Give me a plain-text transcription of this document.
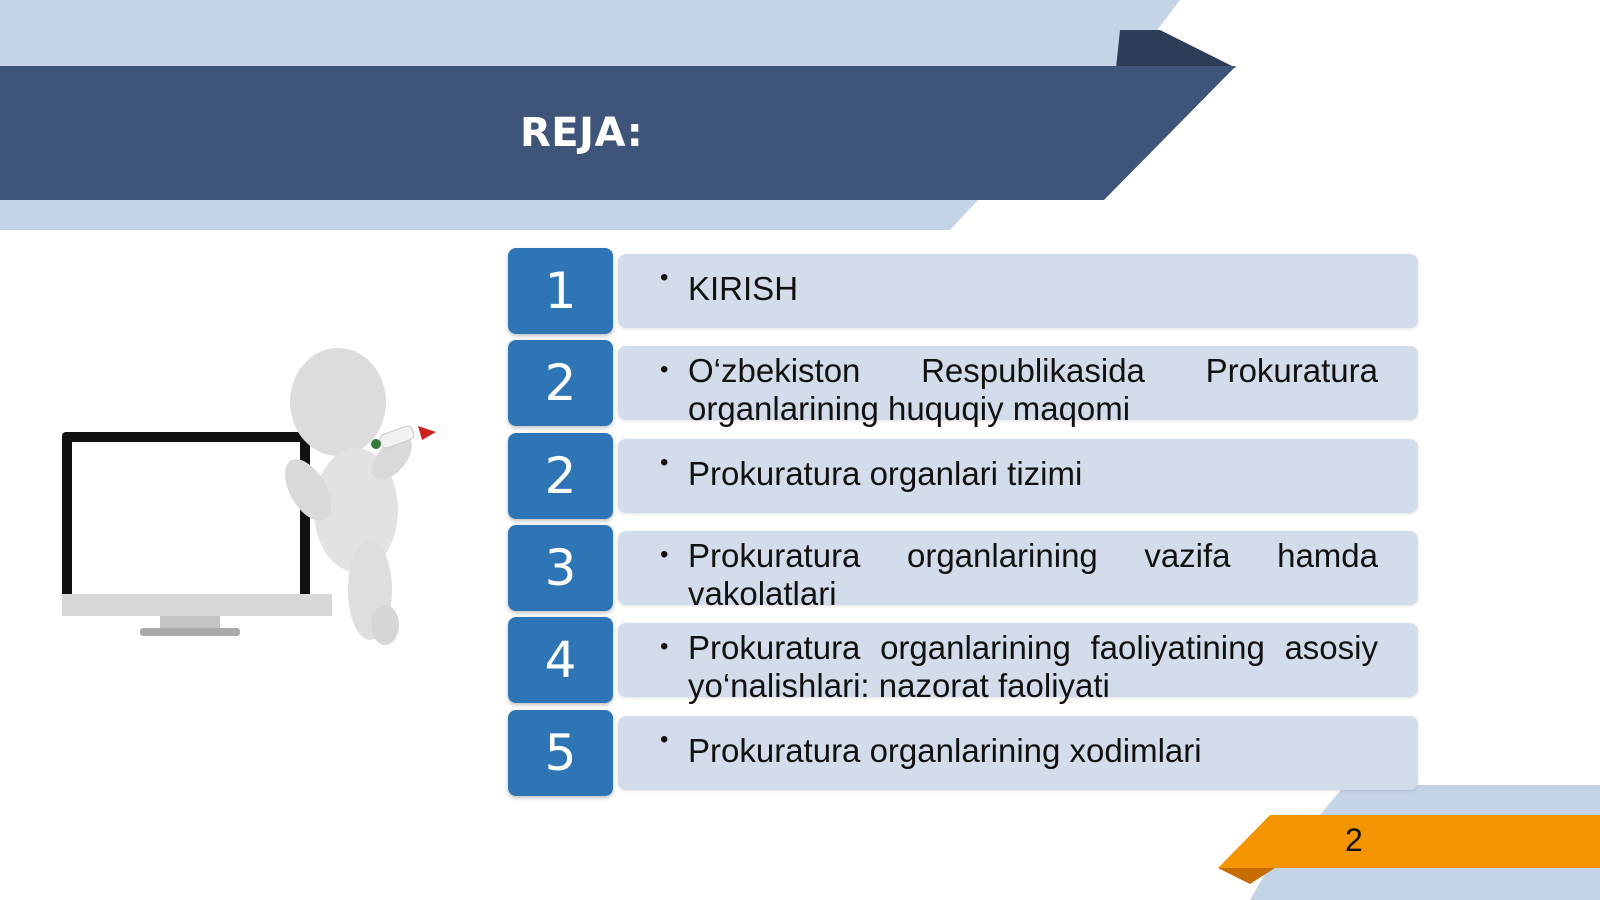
REJA:
1	• KIRISH
2	• O‘zbekiston Respublikasida Prokuratura organlarining huquqiy maqomi
2	• Prokuratura organlari tizimi
3	• Prokuratura organlarining vazifa hamda vakolatlari
4	• Prokuratura organlarining faoliyatining asosiy yo‘nalishlari: nazorat faoliyati
5	• Prokuratura organlarining xodimlari
2
